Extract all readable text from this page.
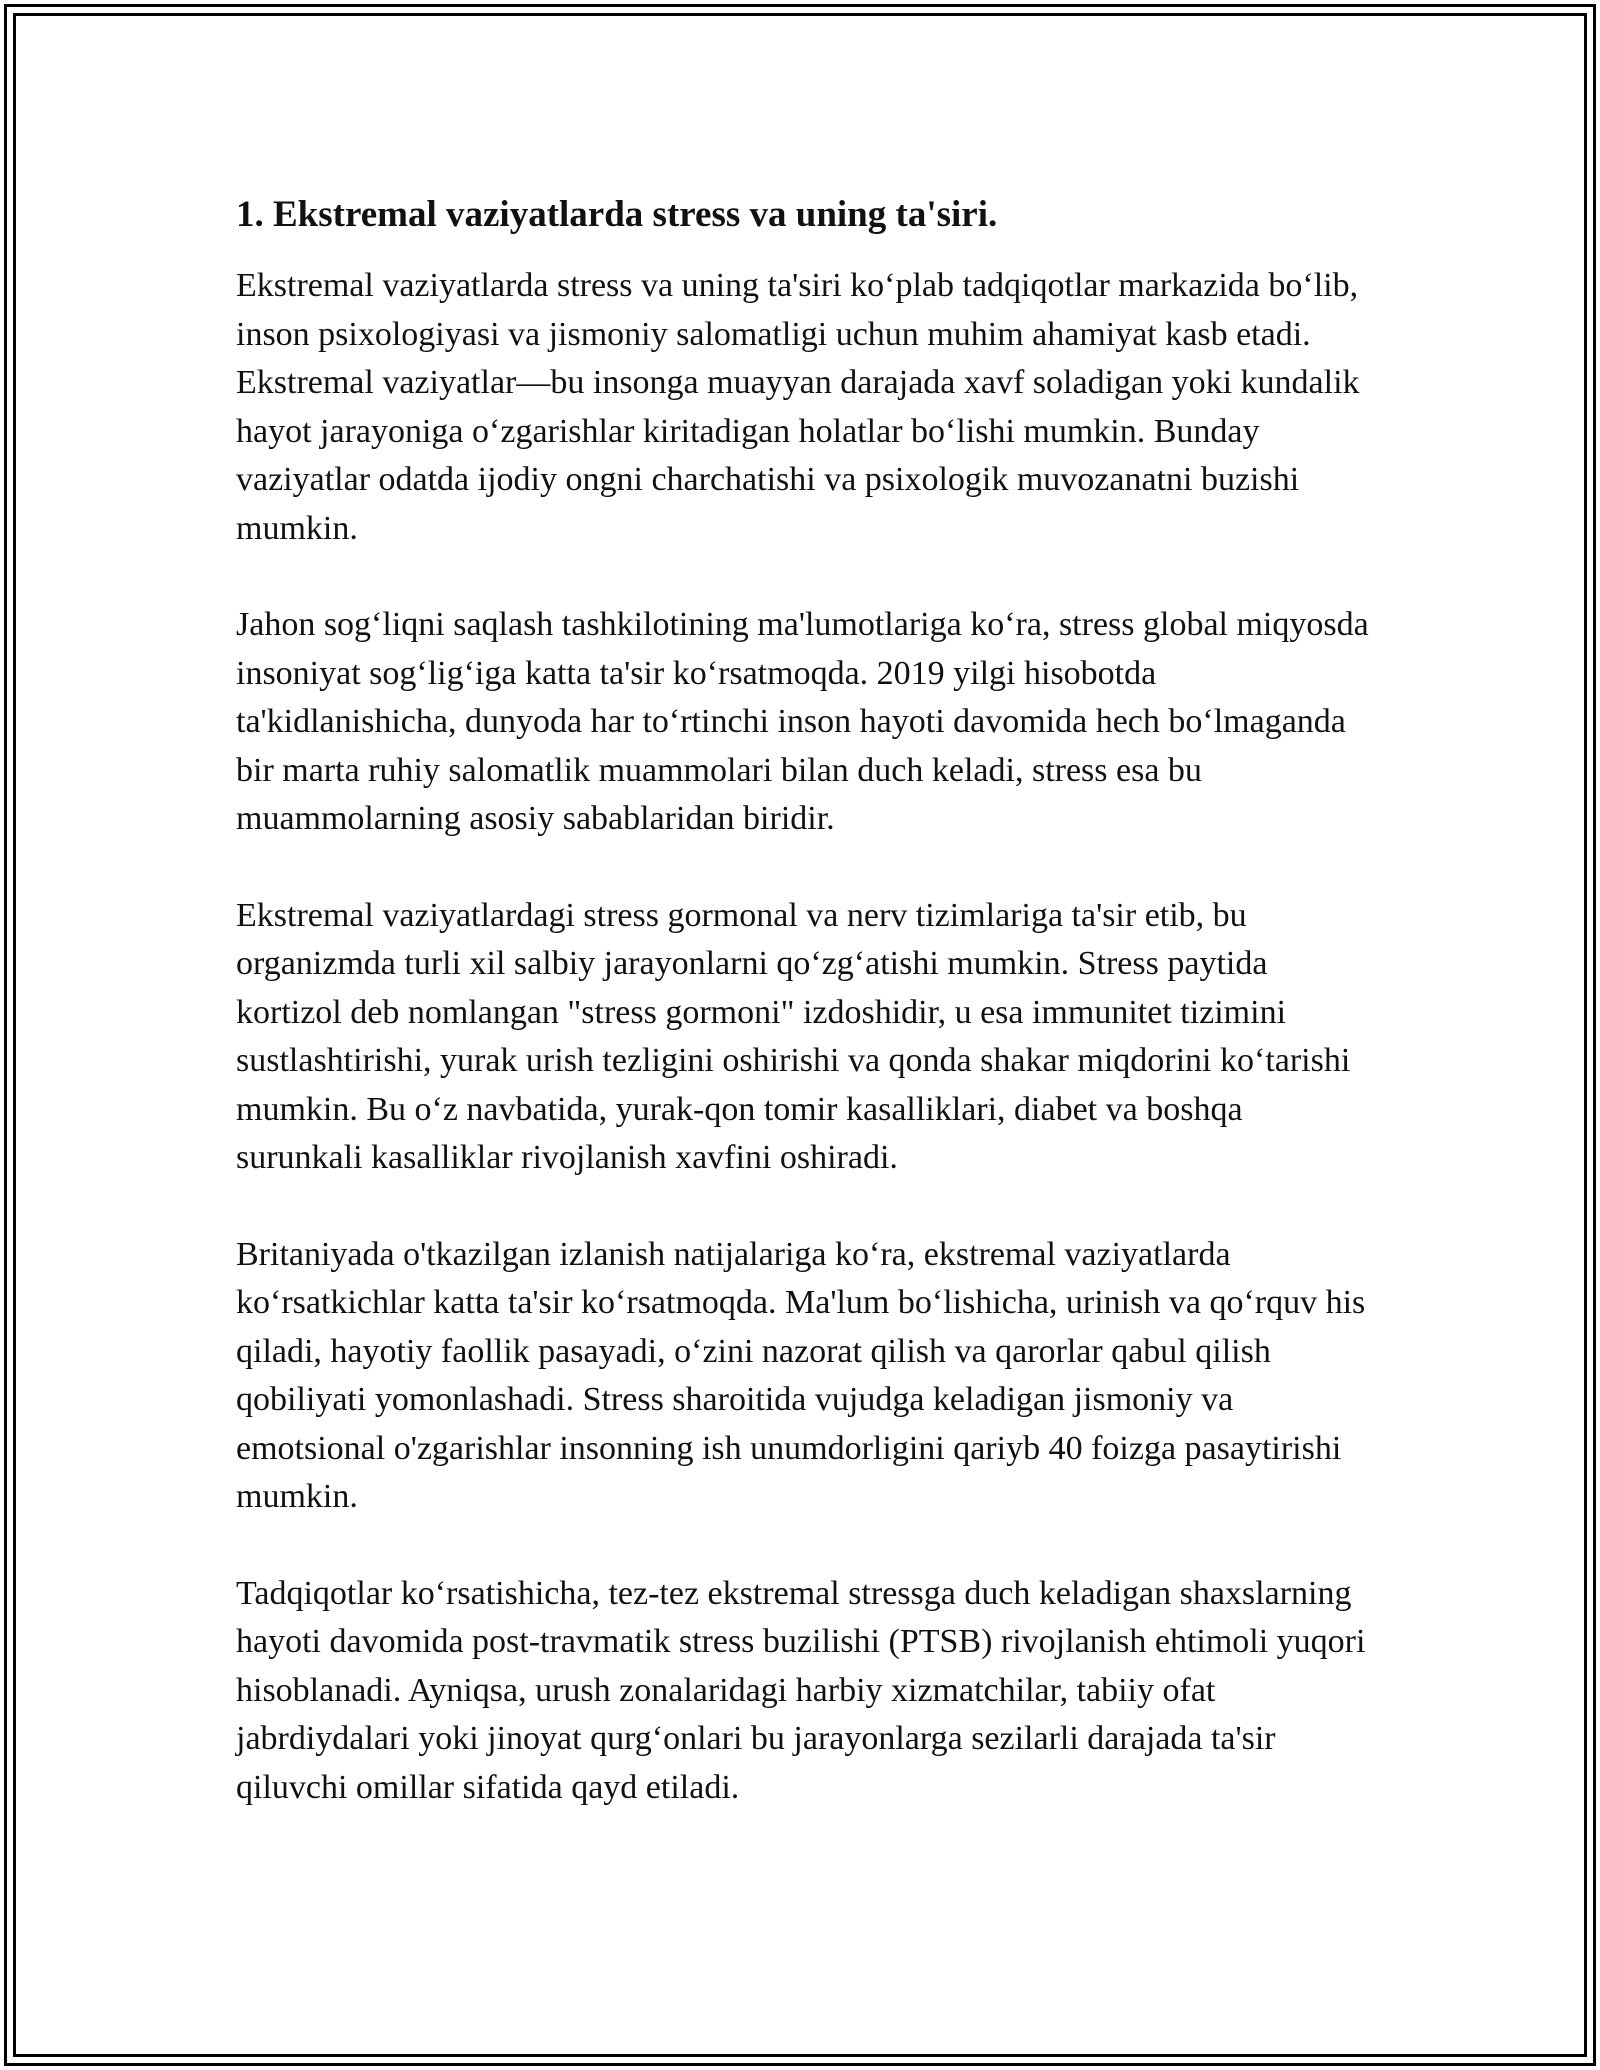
1. Ekstremal vaziyatlarda stress va uning ta'siri.

Ekstremal vaziyatlarda stress va uning ta'siri koʻplab tadqiqotlar markazida boʻlib, inson psixologiyasi va jismoniy salomatligi uchun muhim ahamiyat kasb etadi. Ekstremal vaziyatlar—bu insonga muayyan darajada xavf soladigan yoki kundalik hayot jarayoniga oʻzgarishlar kiritadigan holatlar boʻlishi mumkin. Bunday vaziyatlar odatda ijodiy ongni charchatishi va psixologik muvozanatni buzishi mumkin.

Jahon sogʻliqni saqlash tashkilotining ma'lumotlariga koʻra, stress global miqyosda insoniyat sogʻligʻiga katta ta'sir koʻrsatmoqda. 2019 yilgi hisobotda ta'kidlanishicha, dunyoda har toʻrtinchi inson hayoti davomida hech boʻlmaganda bir marta ruhiy salomatlik muammolari bilan duch keladi, stress esa bu muammolarning asosiy sabablaridan biridir.

Ekstremal vaziyatlardagi stress gormonal va nerv tizimlariga ta'sir etib, bu organizmda turli xil salbiy jarayonlarni qoʻzgʻatishi mumkin. Stress paytida kortizol deb nomlangan "stress gormoni" izdoshidir, u esa immunitet tizimini sustlashtirishi, yurak urish tezligini oshirishi va qonda shakar miqdorini koʻtarishi mumkin. Bu oʻz navbatida, yurak-qon tomir kasalliklari, diabet va boshqa surunkali kasalliklar rivojlanish xavfini oshiradi.

Britaniyada o'tkazilgan izlanish natijalariga koʻra, ekstremal vaziyatlarda koʻrsatkichlar katta ta'sir koʻrsatmoqda. Ma'lum boʻlishicha, urinish va qoʻrquv his qiladi, hayotiy faollik pasayadi, oʻzini nazorat qilish va qarorlar qabul qilish qobiliyati yomonlashadi. Stress sharoitida vujudga keladigan jismoniy va emotsional o'zgarishlar insonning ish unumdorligini qariyb 40 foizga pasaytirishi mumkin.

Tadqiqotlar koʻrsatishicha, tez-tez ekstremal stressga duch keladigan shaxslarning hayoti davomida post-travmatik stress buzilishi (PTSB) rivojlanish ehtimoli yuqori hisoblanadi. Ayniqsa, urush zonalaridagi harbiy xizmatchilar, tabiiy ofat jabrdiydalari yoki jinoyat qurgʻonlari bu jarayonlarga sezilarli darajada ta'sir qiluvchi omillar sifatida qayd etiladi.
